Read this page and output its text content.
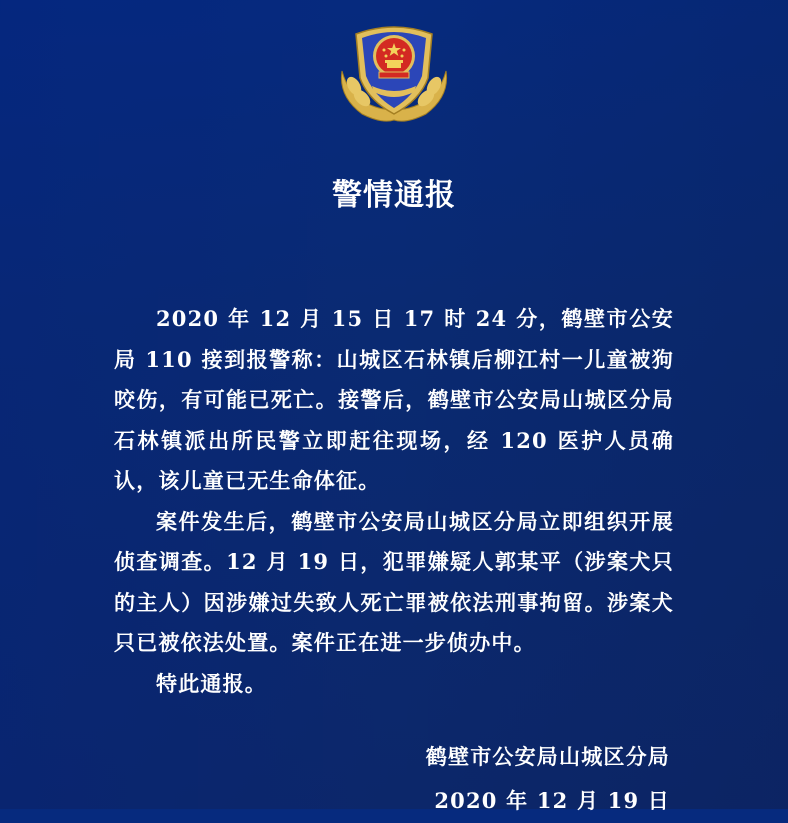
警情通报

2020 年 12 月 15 日 17 时 24 分，鹤壁市公安局 110 接到报警称：山城区石林镇后柳江村一儿童被狗咬伤，有可能已死亡。接警后，鹤壁市公安局山城区分局石林镇派出所民警立即赶往现场，经 120 医护人员确认，该儿童已无生命体征。

案件发生后，鹤壁市公安局山城区分局立即组织开展侦查调查。12 月 19 日，犯罪嫌疑人郭某平（涉案犬只的主人）因涉嫌过失致人死亡罪被依法刑事拘留。涉案犬只已被依法处置。案件正在进一步侦办中。

特此通报。

鹤壁市公安局山城区分局
2020 年 12 月 19 日
